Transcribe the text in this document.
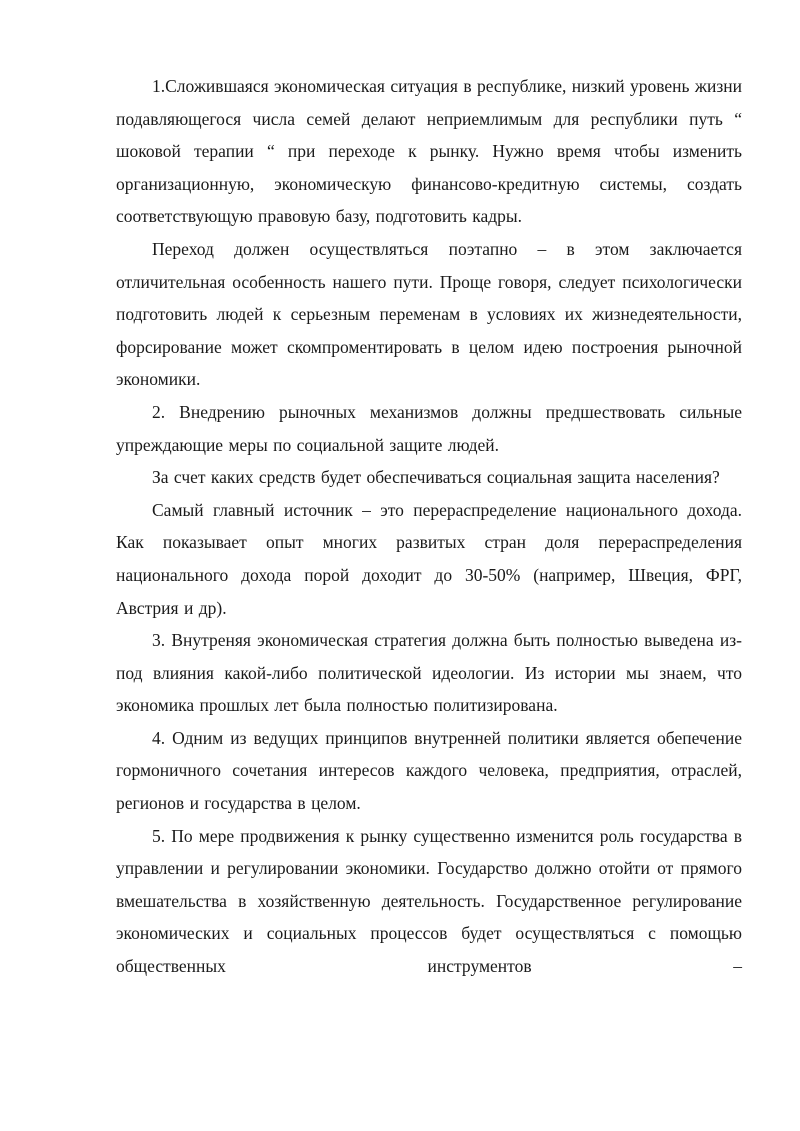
1.Сложившаяся экономическая ситуация в республике, низкий уровень жизни подавляющегося числа семей делают неприемлимым для республики путь “ шоковой терапии “ при переходе к рынку. Нужно время чтобы изменить организационную, экономическую финансово-кредитную системы, создать соответствующую правовую базу, подготовить кадры.

Переход должен осуществляться поэтапно – в этом заключается отличительная особенность нашего пути. Проще говоря, следует психологически подготовить людей к серьезным переменам в условиях их жизнедеятельности, форсирование может скомпроментировать в целом идею построения рыночной экономики.

2. Внедрению рыночных механизмов должны предшествовать сильные упреждающие меры по социальной защите людей.

За счет каких средств будет обеспечиваться социальная защита населения?

Самый главный источник – это перераспределение национального дохода. Как показывает опыт многих развитых стран доля перераспределения национального дохода порой доходит до 30-50% (например, Швеция, ФРГ, Австрия и др).

3. Внутреняя экономическая стратегия должна быть полностью выведена из-под влияния какой-либо политической идеологии. Из истории мы знаем, что экономика прошлых лет была полностью политизирована.

4. Одним из ведущих принципов внутренней политики является обепечение гормоничного сочетания интересов каждого человека, предприятия, отраслей, регионов и государства в целом.

5. По мере продвижения к рынку существенно изменится роль государства в управлении и регулировании экономики. Государство должно отойти от прямого вмешательства в хозяйственную деятельность. Государственное регулирование экономических и социальных процессов будет осуществляться с помощью общественных инструментов –
